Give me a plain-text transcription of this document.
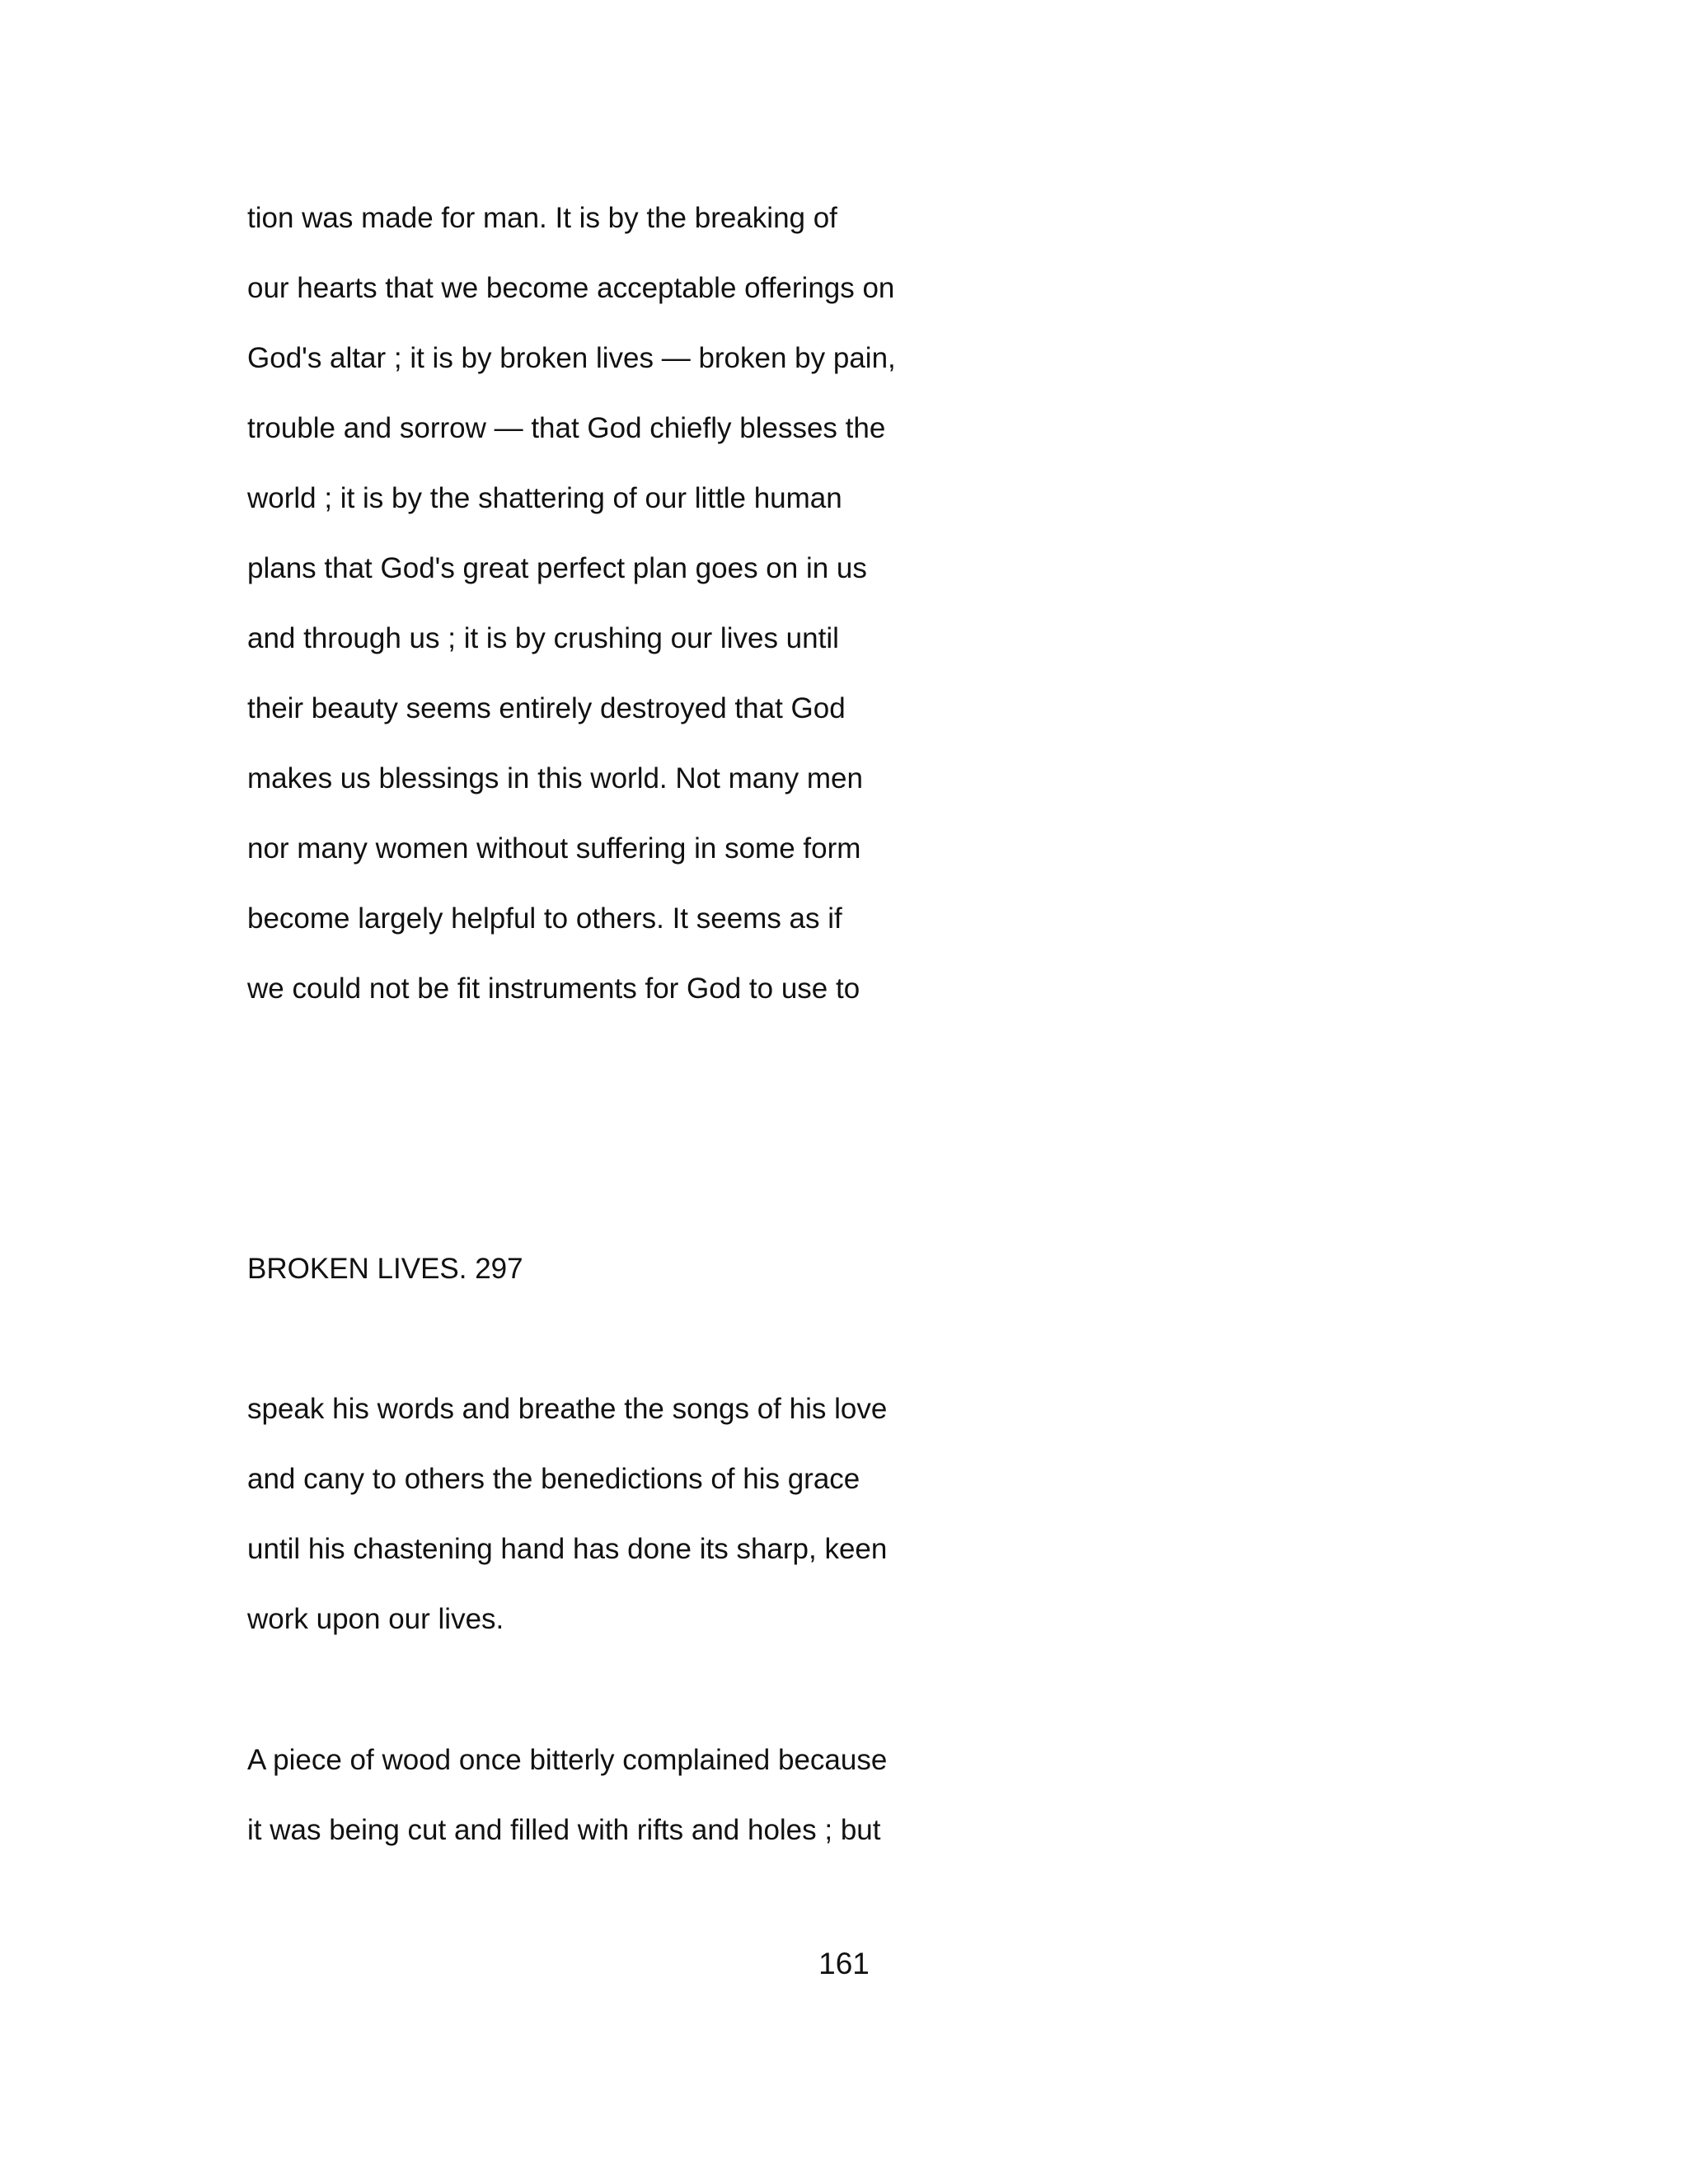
tion was made for man. It is by the breaking of
our hearts that we become acceptable offerings on
God's altar ; it is by broken lives — broken by pain,
trouble and sorrow — that God chiefly blesses the
world ; it is by the shattering of our little human
plans that God's great perfect plan goes on in us
and through us ; it is by crushing our lives until
their beauty seems entirely destroyed that God
makes us blessings in this world. Not many men
nor many women without suffering in some form
become largely helpful to others. It seems as if
we could not be fit instruments for God to use to
BROKEN LIVES. 297
speak his words and breathe the songs of his love
and cany to others the benedictions of his grace
until his chastening hand has done its sharp, keen
work upon our lives.
A piece of wood once bitterly complained because
it was being cut and filled with rifts and holes ; but
161
